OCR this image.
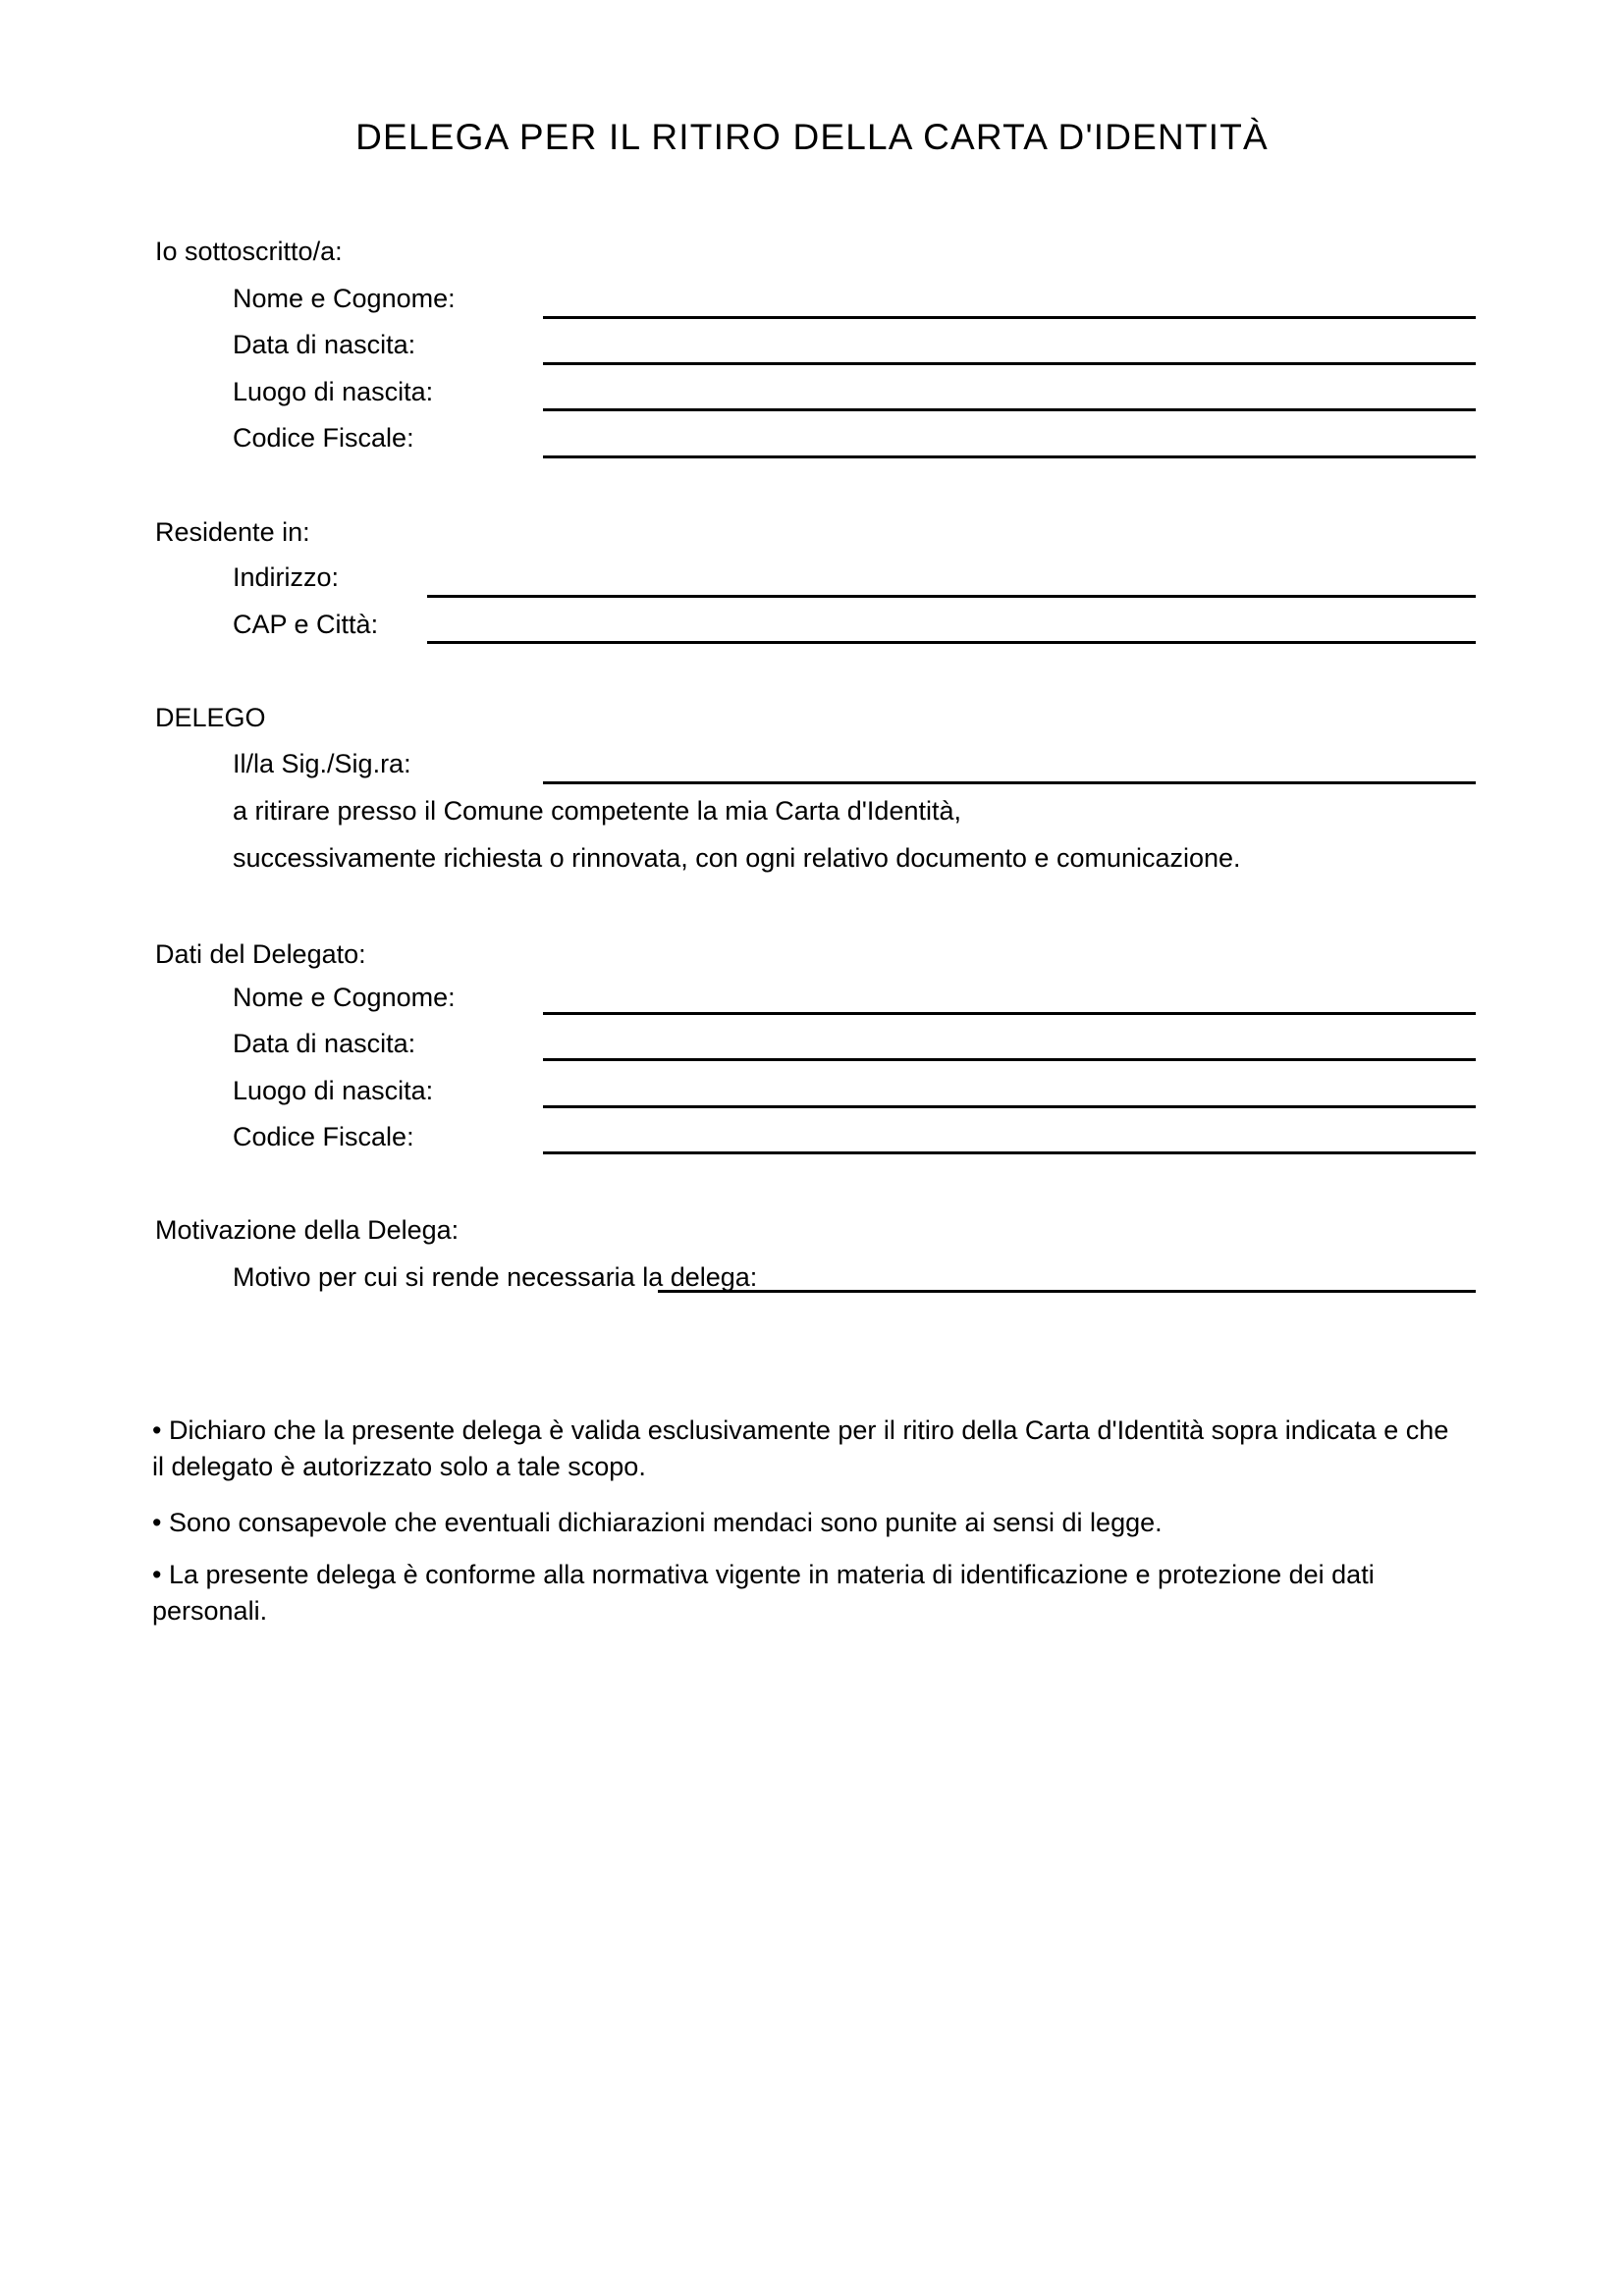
DELEGA PER IL RITIRO DELLA CARTA D'IDENTITÀ
Io sottoscritto/a:
Nome e Cognome:
Data di nascita:
Luogo di nascita:
Codice Fiscale:
Residente in:
Indirizzo:
CAP e Città:
DELEGO
Il/la Sig./Sig.ra:
a ritirare presso il Comune competente la mia Carta d'Identità,
successivamente richiesta o rinnovata, con ogni relativo documento e comunicazione.
Dati del Delegato:
Nome e Cognome:
Data di nascita:
Luogo di nascita:
Codice Fiscale:
Motivazione della Delega:
Motivo per cui si rende necessaria la delega:
• Dichiaro che la presente delega è valida esclusivamente per il ritiro della Carta d'Identità sopra indicata e che il delegato è autorizzato solo a tale scopo.
• Sono consapevole che eventuali dichiarazioni mendaci sono punite ai sensi di legge.
• La presente delega è conforme alla normativa vigente in materia di identificazione e protezione dei dati personali.
